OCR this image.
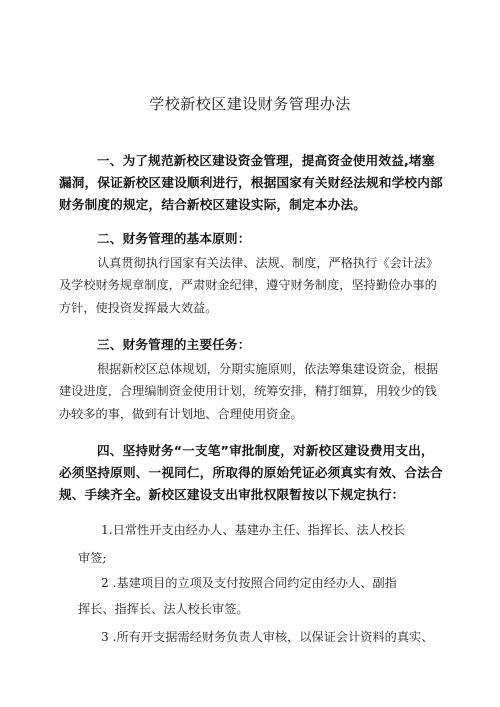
学校新校区建设财务管理办法

一、为了规范新校区建设资金管理，提高资金使用效益,堵塞漏洞，保证新校区建设顺利进行，根据国家有关财经法规和学校内部财务制度的规定，结合新校区建设实际，制定本办法。

二、财务管理的基本原则：

认真贯彻执行国家有关法律、法规、制度，严格执行《会计法》及学校财务规章制度，严肃财金纪律，遵守财务制度，坚持勤俭办事的方针，使投资发挥最大效益。

三、财务管理的主要任务：

根据新校区总体规划，分期实施原则，依法筹集建设资金，根据建设进度，合理编制资金使用计划，统筹安排，精打细算，用较少的钱办较多的事，做到有计划地、合理使用资金。

四、坚持财务“一支笔”审批制度，对新校区建设费用支出，必须坚持原则、一视同仁，所取得的原始凭证必须真实有效、合法合规、手续齐全。新校区建设支出审批权限暂按以下规定执行：

1.日常性开支由经办人、基建办主任、指挥长、法人校长
审签;
2 .基建项目的立项及支付按照合同约定由经办人、副指
挥长、指挥长、法人校长审签。
3 .所有开支据需经财务负责人审核，以保证会计资料的真实、
